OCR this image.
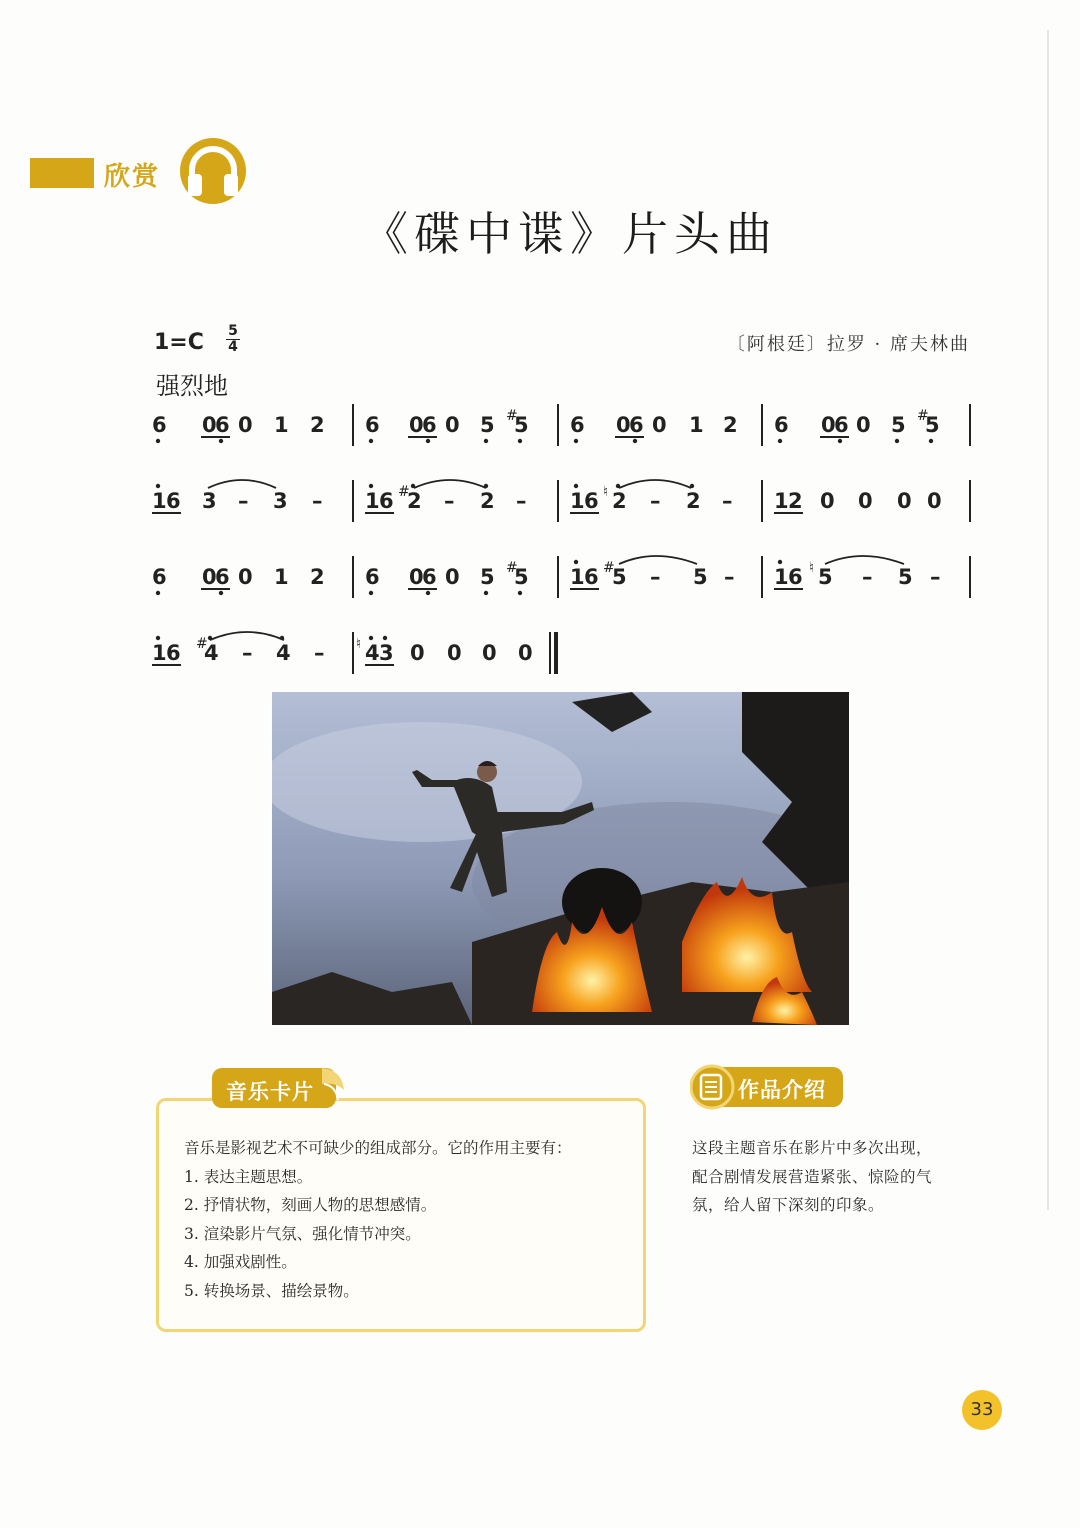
欣赏
《碟中谍》片头曲
1=C 5
4
强烈地
〔阿根廷〕拉罗 · 席夫林曲
6 0
6 0 1 2 6 0
6 0 5 #
5 6 0
6 0 1 2 6 0
6 0 5 #
5
1 6 3 – 3 – 1 6 #
2 – 2 – 1 6 ♮ 2 – 2 – 1 2 0 0 0 0
6 0
6 0 1 2 6 0
6 0 5 #
5 1 6 #
5 – 5 – 1 6 ♮ 5 – 5 –
1 6 #
4 – 4 – ♮ 4 3 0 0 0 0
音乐卡片
音乐是影视艺术不可缺少的组成部分。它的作用主要有：
1. 表达主题思想。
2. 抒情状物，刻画人物的思想感情。
3. 渲染影片气氛、强化情节冲突。
4. 加强戏剧性。
5. 转换场景、描绘景物。
作品介绍
这段主题音乐在影片中多次出现，
配合剧情发展营造紧张、惊险的气
氛，给人留下深刻的印象。
33
